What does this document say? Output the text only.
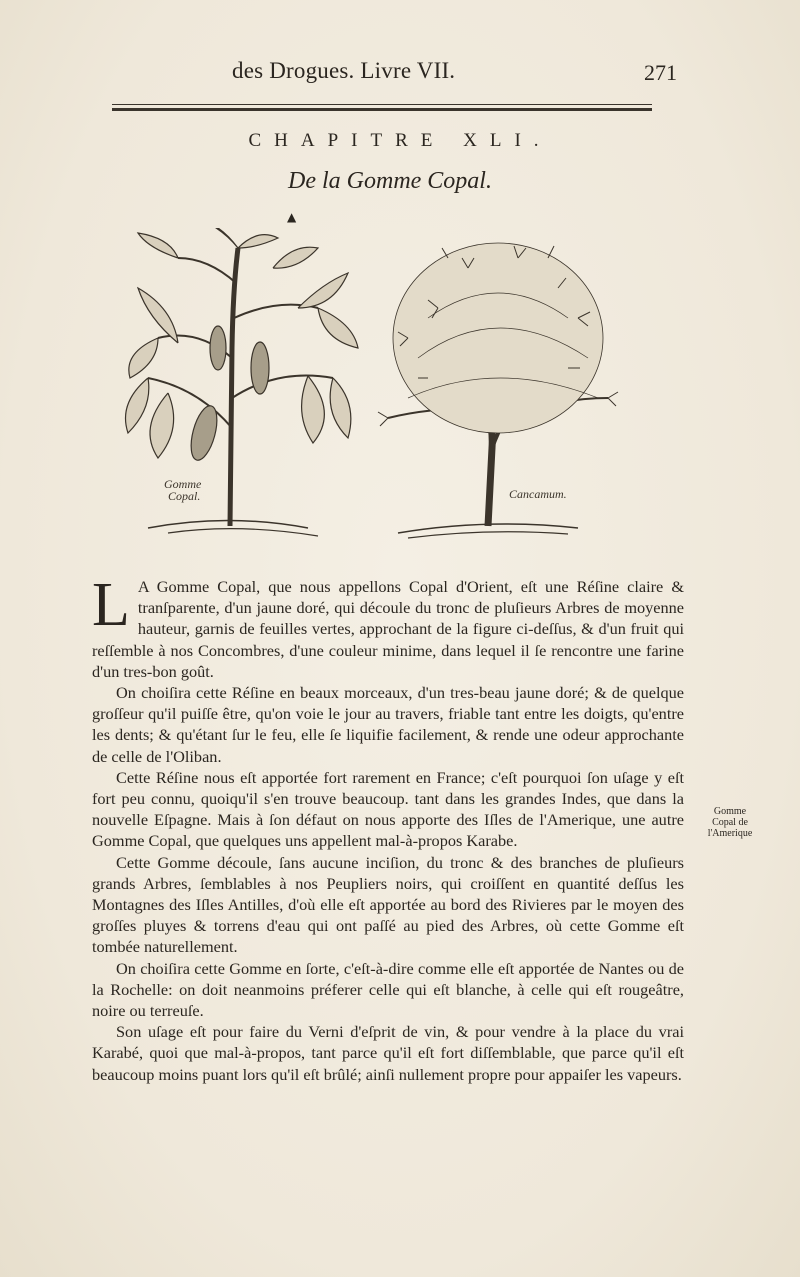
des Drogues. Livre VII.	271
CHAPITRE XLI.
De la Gomme Copal.
▲
Gomme
Copal.	Cancamum.

L A Gomme Copal, que nous appellons Copal d'Orient, eſt une Réſine claire & tranſparente, d'un jaune doré, qui découle du tronc de pluſieurs Arbres de moyenne hauteur, garnis de feuilles vertes, approchant de la figure ci-deſſus, & d'un fruit qui reſſemble à nos Concombres, d'une couleur minime, dans lequel il ſe rencontre une farine d'un tres-bon goût.

On choiſira cette Réſine en beaux morceaux, d'un tres-beau jaune doré; & de quelque groſſeur qu'il puiſſe être, qu'on voie le jour au travers, friable tant entre les doigts, qu'entre les dents; & qu'étant ſur le feu, elle ſe liquifie facilement, & rende une odeur approchante de celle de l'Oliban.

Cette Réſine nous eſt apportée fort rarement en France; c'eſt pourquoi ſon uſage y eſt fort peu connu, quoiqu'il s'en trouve beaucoup. tant dans les grandes Indes, que dans la nouvelle Eſpagne. Mais à ſon défaut on nous apporte des Iſles de l'Amerique, une autre Gomme Copal, que quelques uns appellent mal-à-propos Karabe.

Cette Gomme découle, ſans aucune inciſion, du tronc & des branches de pluſieurs grands Arbres, ſemblables à nos Peupliers noirs, qui croiſſent en quantité deſſus les Montagnes des Iſles Antilles, d'où elle eſt apportée au bord des Rivieres par le moyen des groſſes pluyes & torrens d'eau qui ont paſſé au pied des Arbres, où cette Gomme eſt tombée naturellement.

On choiſira cette Gomme en ſorte, c'eſt-à-dire comme elle eſt apportée de Nantes ou de la Rochelle: on doit neanmoins préferer celle qui eſt blanche, à celle qui eſt rougeâtre, noire ou terreuſe.

Son uſage eſt pour faire du Verni d'eſprit de vin, & pour vendre à la place du vrai Karabé, quoi que mal-à-propos, tant parce qu'il eſt fort diſſemblable, que parce qu'il eſt beaucoup moins puant lors qu'il eſt brûlé; ainſi nullement propre pour appaiſer les vapeurs.

Gomme
Copal de
l'Amerique
